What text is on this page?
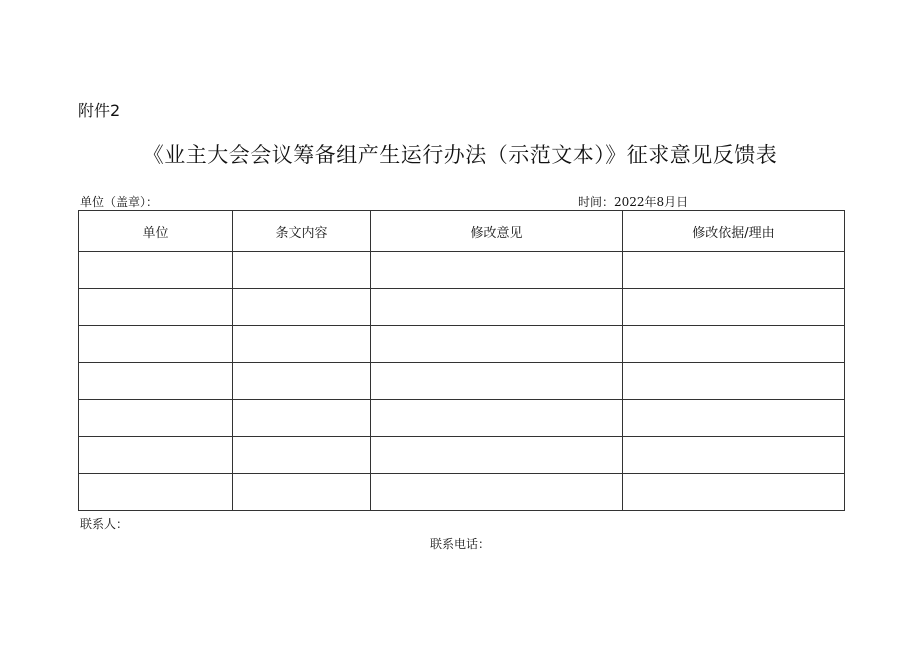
附件2
《业主大会会议筹备组产生运行办法（示范文本）》征求意见反馈表
单位（盖章）：	时间：2022年8月日
单位	条文内容	修改意见	修改依据/理由

联系人：
联系电话：
